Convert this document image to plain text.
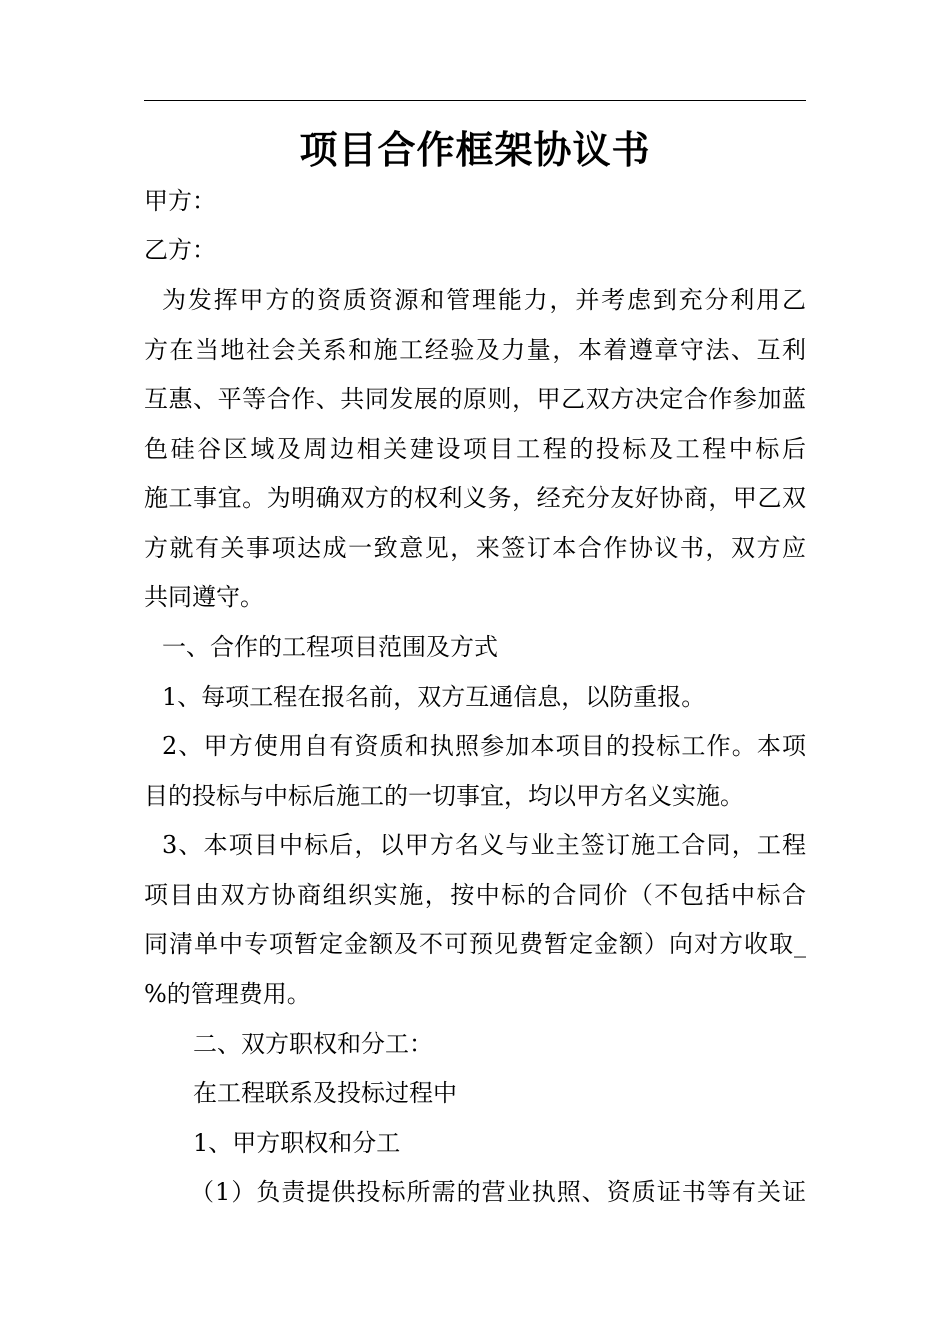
项目合作框架协议书
甲方：
乙方：
为发挥甲方的资质资源和管理能力，并考虑到充分利用乙
方在当地社会关系和施工经验及力量，本着遵章守法、互利
互惠、平等合作、共同发展的原则，甲乙双方决定合作参加蓝
色硅谷区域及周边相关建设项目工程的投标及工程中标后
施工事宜。为明确双方的权利义务，经充分友好协商，甲乙双
方就有关事项达成一致意见，来签订本合作协议书，双方应
共同遵守。
一、合作的工程项目范围及方式
1、每项工程在报名前，双方互通信息，以防重报。
2、甲方使用自有资质和执照参加本项目的投标工作。本项
目的投标与中标后施工的一切事宜，均以甲方名义实施。
3、本项目中标后，以甲方名义与业主签订施工合同，工程
项目由双方协商组织实施，按中标的合同价（不包括中标合
同清单中专项暂定金额及不可预见费暂定金额）向对方收取_
%的管理费用。
二、双方职权和分工：
在工程联系及投标过程中
1、甲方职权和分工
（1）负责提供投标所需的营业执照、资质证书等有关证
